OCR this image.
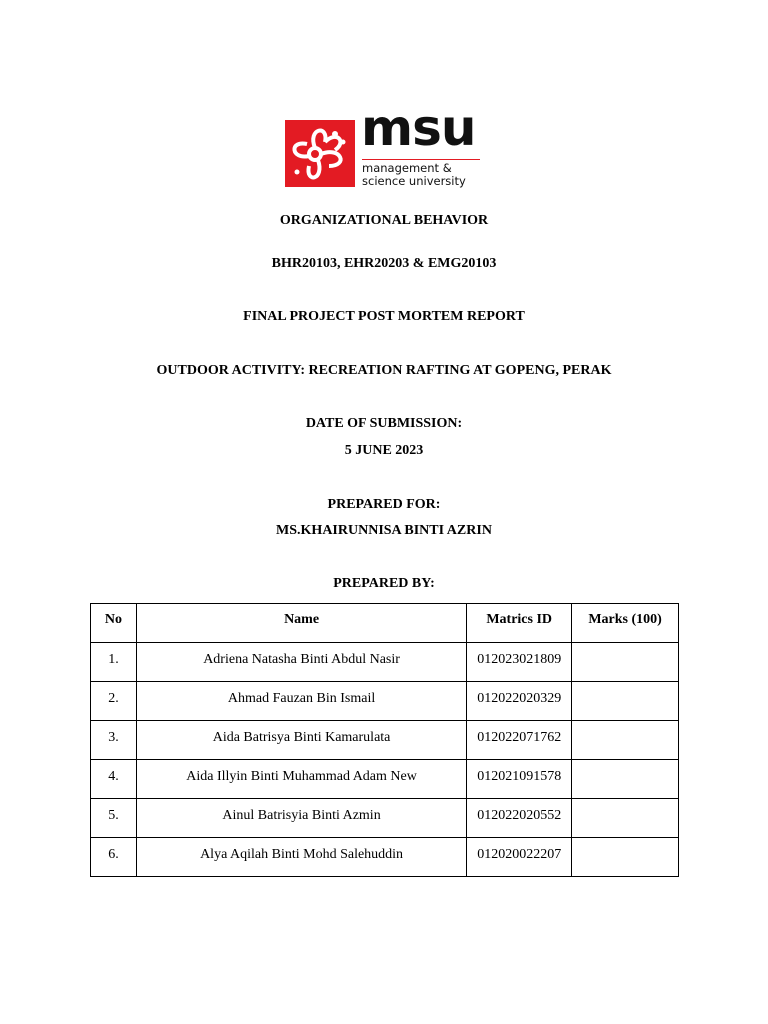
msu
management &
science university
ORGANIZATIONAL BEHAVIOR
BHR20103, EHR20203 & EMG20103
FINAL PROJECT POST MORTEM REPORT
OUTDOOR ACTIVITY: RECREATION RAFTING AT GOPENG, PERAK
DATE OF SUBMISSION:
5 JUNE 2023
PREPARED FOR:
MS.KHAIRUNNISA BINTI AZRIN
PREPARED BY:
No	Name	Matrics ID	Marks (100)
1.	Adriena Natasha Binti Abdul Nasir	012023021809	
2.	Ahmad Fauzan Bin Ismail	012022020329	
3.	Aida Batrisya Binti Kamarulata	012022071762	
4.	Aida Illyin Binti Muhammad Adam New	012021091578	
5.	Ainul Batrisyia Binti Azmin	012022020552	
6.	Alya Aqilah Binti Mohd Salehuddin	012020022207	
